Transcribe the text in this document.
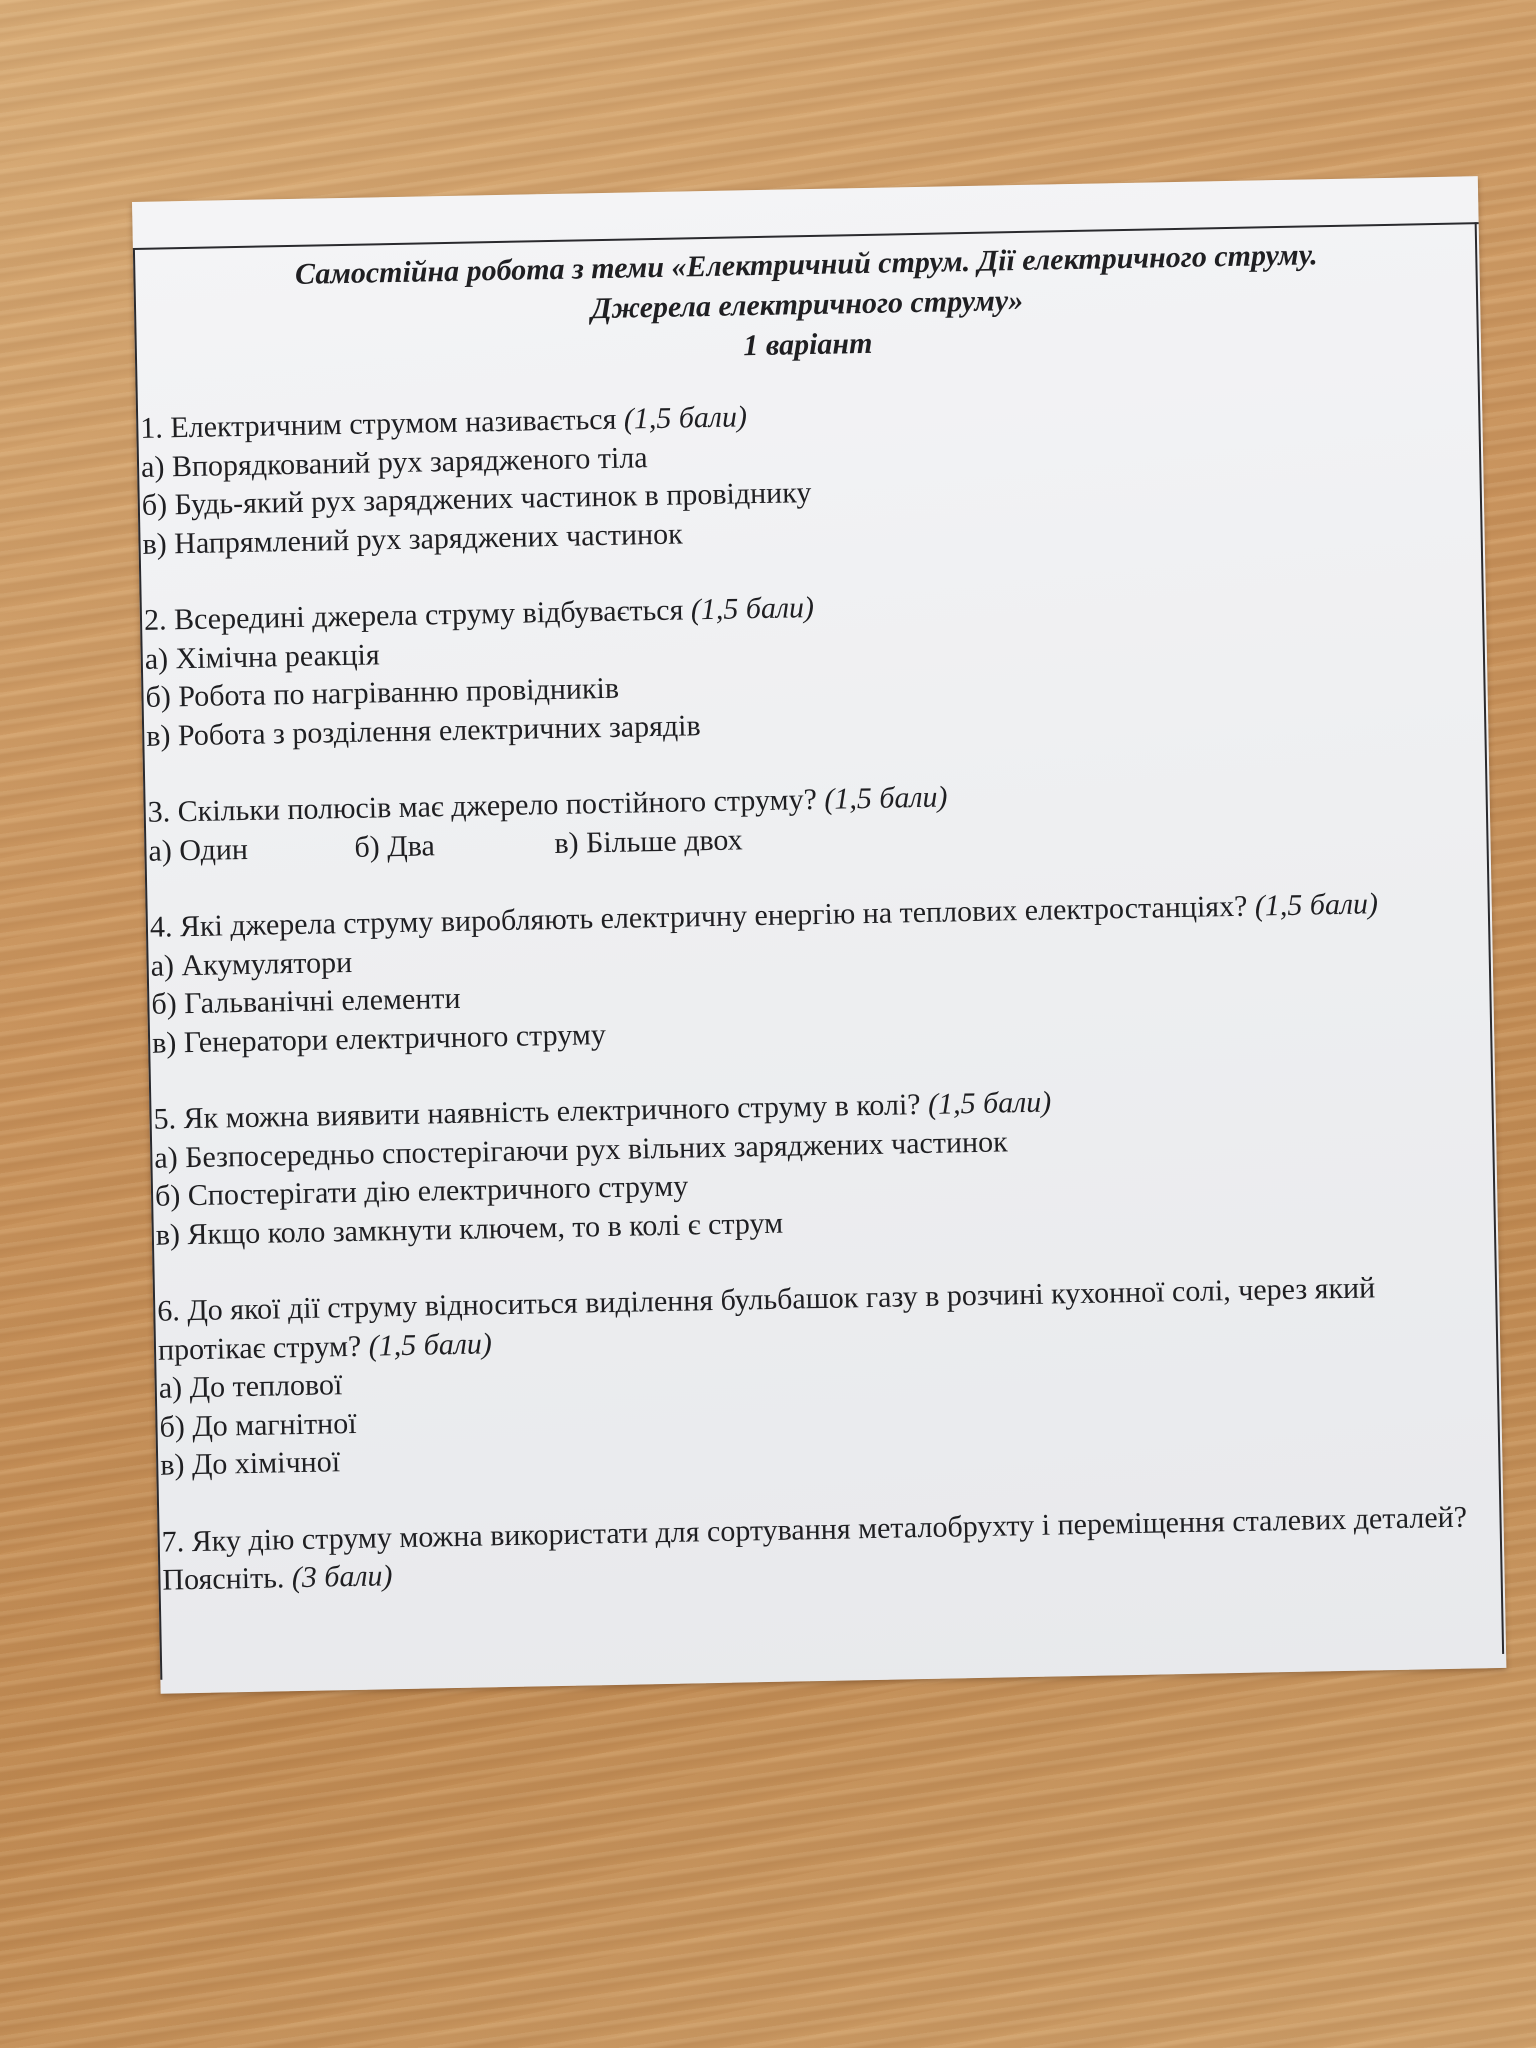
Самостійна робота з теми «Електричний струм. Дії електричного струму.
Джерела електричного струму»
1 варіант
1. Електричним струмом називається (1,5 бали)
а) Впорядкований рух зарядженого тіла
б) Будь-який рух заряджених частинок в провіднику
в) Напрямлений рух заряджених частинок
2. Всередині джерела струму відбувається (1,5 бали)
а) Хімічна реакція
б) Робота по нагріванню провідників
в) Робота з розділення електричних зарядів
3. Скільки полюсів має джерело постійного струму? (1,5 бали)
а) Один	б) Два	в) Більше двох
4. Які джерела струму виробляють електричну енергію на теплових електростанціях? (1,5 бали)
а) Акумулятори
б) Гальванічні елементи
в) Генератори електричного струму
5. Як можна виявити наявність електричного струму в колі? (1,5 бали)
а) Безпосередньо спостерігаючи рух вільних заряджених частинок
б) Спостерігати дію електричного струму
в) Якщо коло замкнути ключем, то в колі є струм
6. До якої дії струму відноситься виділення бульбашок газу в розчині кухонної солі, через який протікає струм? (1,5 бали)
а) До теплової
б) До магнітної
в) До хімічної
7. Яку дію струму можна використати для сортування металобрухту і переміщення сталевих деталей? Поясніть. (3 бали)
